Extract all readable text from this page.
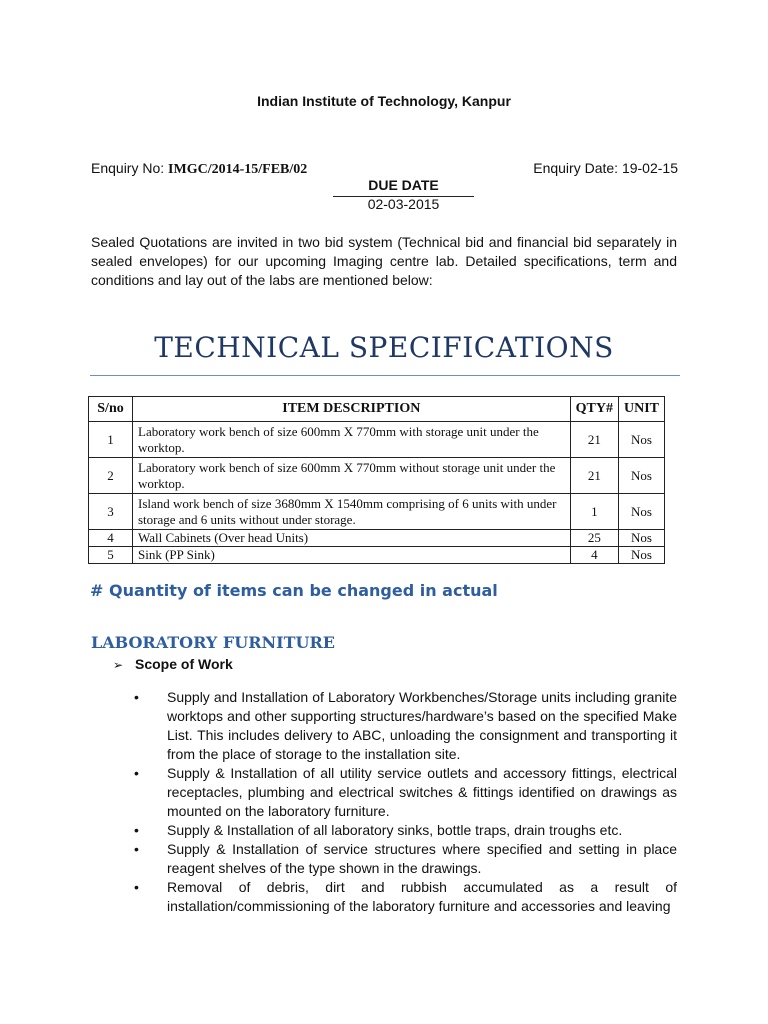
Indian Institute of Technology, Kanpur
Enquiry No: IMGC/2014-15/FEB/02	Enquiry Date: 19-02-15
DUE DATE
02-03-2015
Sealed Quotations are invited in two bid system (Technical bid and financial bid separately in sealed envelopes) for our upcoming Imaging centre lab. Detailed specifications, term and conditions and lay out of the labs are mentioned below:
TECHNICAL SPECIFICATIONS
S/no	ITEM DESCRIPTION	QTY#	UNIT
1	Laboratory work bench of size 600mm X 770mm with storage unit under the worktop.	21	Nos
2	Laboratory work bench of size 600mm X 770mm without storage unit under the worktop.	21	Nos
3	Island work bench of size 3680mm X 1540mm comprising of 6 units with under storage and 6 units without under storage.	1	Nos
4	Wall Cabinets (Over head Units)	25	Nos
5	Sink (PP Sink)	4	Nos
# Quantity of items can be changed in actual
LABORATORY FURNITURE
➢ Scope of Work
• Supply and Installation of Laboratory Workbenches/Storage units including granite worktops and other supporting structures/hardware’s based on the specified Make List. This includes delivery to ABC, unloading the consignment and transporting it from the place of storage to the installation site.
• Supply & Installation of all utility service outlets and accessory fittings, electrical receptacles, plumbing and electrical switches & fittings identified on drawings as mounted on the laboratory furniture.
• Supply & Installation of all laboratory sinks, bottle traps, drain troughs etc.
• Supply & Installation of service structures where specified and setting in place reagent shelves of the type shown in the drawings.
• Removal of debris, dirt and rubbish accumulated as a result of installation/commissioning of the laboratory furniture and accessories and leaving
